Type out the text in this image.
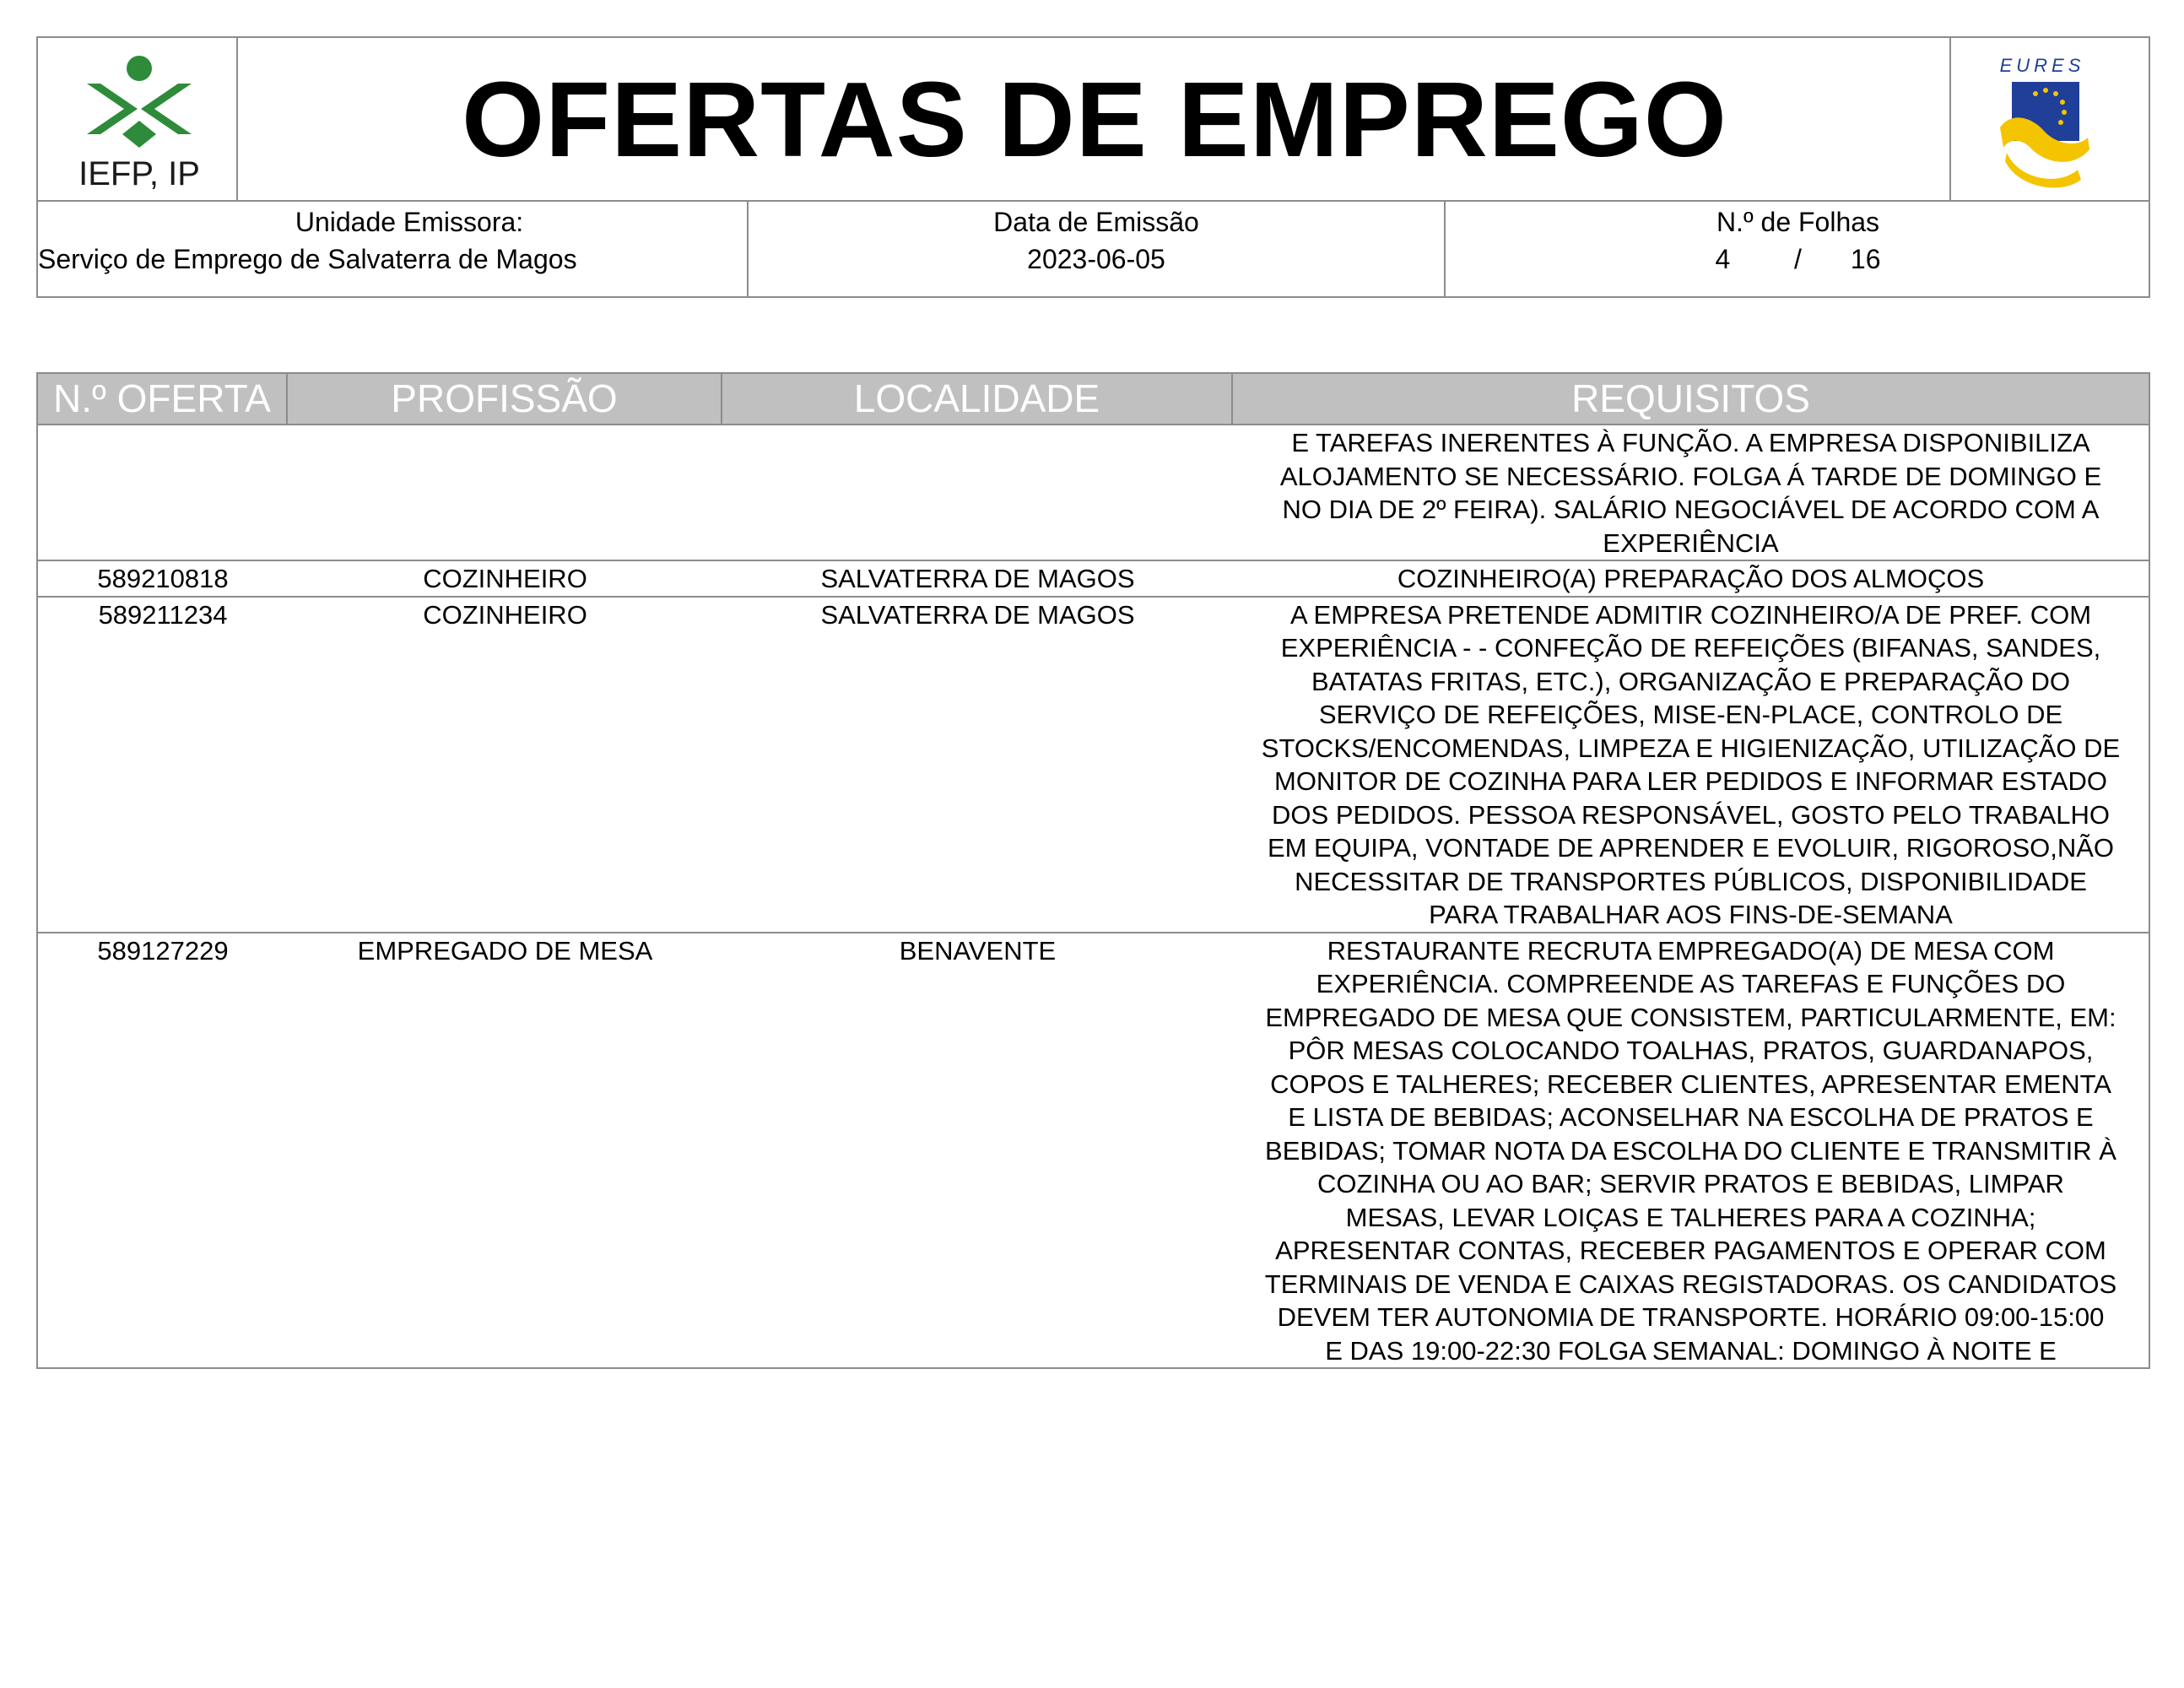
IEFP, IP OFERTAS DE EMPREGO	EURES
Unidade Emissora:
Serviço de Emprego de Salvaterra de Magos
Data de Emissão
2023-06-05
N.º de Folhas
4	/	16
N.º OFERTA	PROFISSÃO	LOCALIDADE	REQUISITOS
E TAREFAS INERENTES À FUNÇÃO. A EMPRESA DISPONIBILIZA
ALOJAMENTO SE NECESSÁRIO. FOLGA Á TARDE DE DOMINGO E
NO DIA DE 2º FEIRA). SALÁRIO NEGOCIÁVEL DE ACORDO COM A
EXPERIÊNCIA
589210818	COZINHEIRO	SALVATERRA DE MAGOS	COZINHEIRO(A) PREPARAÇÃO DOS ALMOÇOS
589211234	COZINHEIRO	SALVATERRA DE MAGOS	A EMPRESA PRETENDE ADMITIR COZINHEIRO/A DE PREF. COM
EXPERIÊNCIA - - CONFEÇÃO DE REFEIÇÕES (BIFANAS, SANDES,
BATATAS FRITAS, ETC.), ORGANIZAÇÃO E PREPARAÇÃO DO
SERVIÇO DE REFEIÇÕES, MISE-EN-PLACE, CONTROLO DE
STOCKS/ENCOMENDAS, LIMPEZA E HIGIENIZAÇÃO, UTILIZAÇÃO DE
MONITOR DE COZINHA PARA LER PEDIDOS E INFORMAR ESTADO
DOS PEDIDOS. PESSOA RESPONSÁVEL, GOSTO PELO TRABALHO
EM EQUIPA, VONTADE DE APRENDER E EVOLUIR, RIGOROSO,NÃO
NECESSITAR DE TRANSPORTES PÚBLICOS, DISPONIBILIDADE
PARA TRABALHAR AOS FINS-DE-SEMANA
589127229	EMPREGADO DE MESA	BENAVENTE	RESTAURANTE RECRUTA EMPREGADO(A) DE MESA COM
EXPERIÊNCIA. COMPREENDE AS TAREFAS E FUNÇÕES DO
EMPREGADO DE MESA QUE CONSISTEM, PARTICULARMENTE, EM:
PÔR MESAS COLOCANDO TOALHAS, PRATOS, GUARDANAPOS,
COPOS E TALHERES; RECEBER CLIENTES, APRESENTAR EMENTA
E LISTA DE BEBIDAS; ACONSELHAR NA ESCOLHA DE PRATOS E
BEBIDAS; TOMAR NOTA DA ESCOLHA DO CLIENTE E TRANSMITIR À
COZINHA OU AO BAR; SERVIR PRATOS E BEBIDAS, LIMPAR
MESAS, LEVAR LOIÇAS E TALHERES PARA A COZINHA;
APRESENTAR CONTAS, RECEBER PAGAMENTOS E OPERAR COM
TERMINAIS DE VENDA E CAIXAS REGISTADORAS. OS CANDIDATOS
DEVEM TER AUTONOMIA DE TRANSPORTE. HORÁRIO 09:00-15:00
E DAS 19:00-22:30 FOLGA SEMANAL: DOMINGO À NOITE E
